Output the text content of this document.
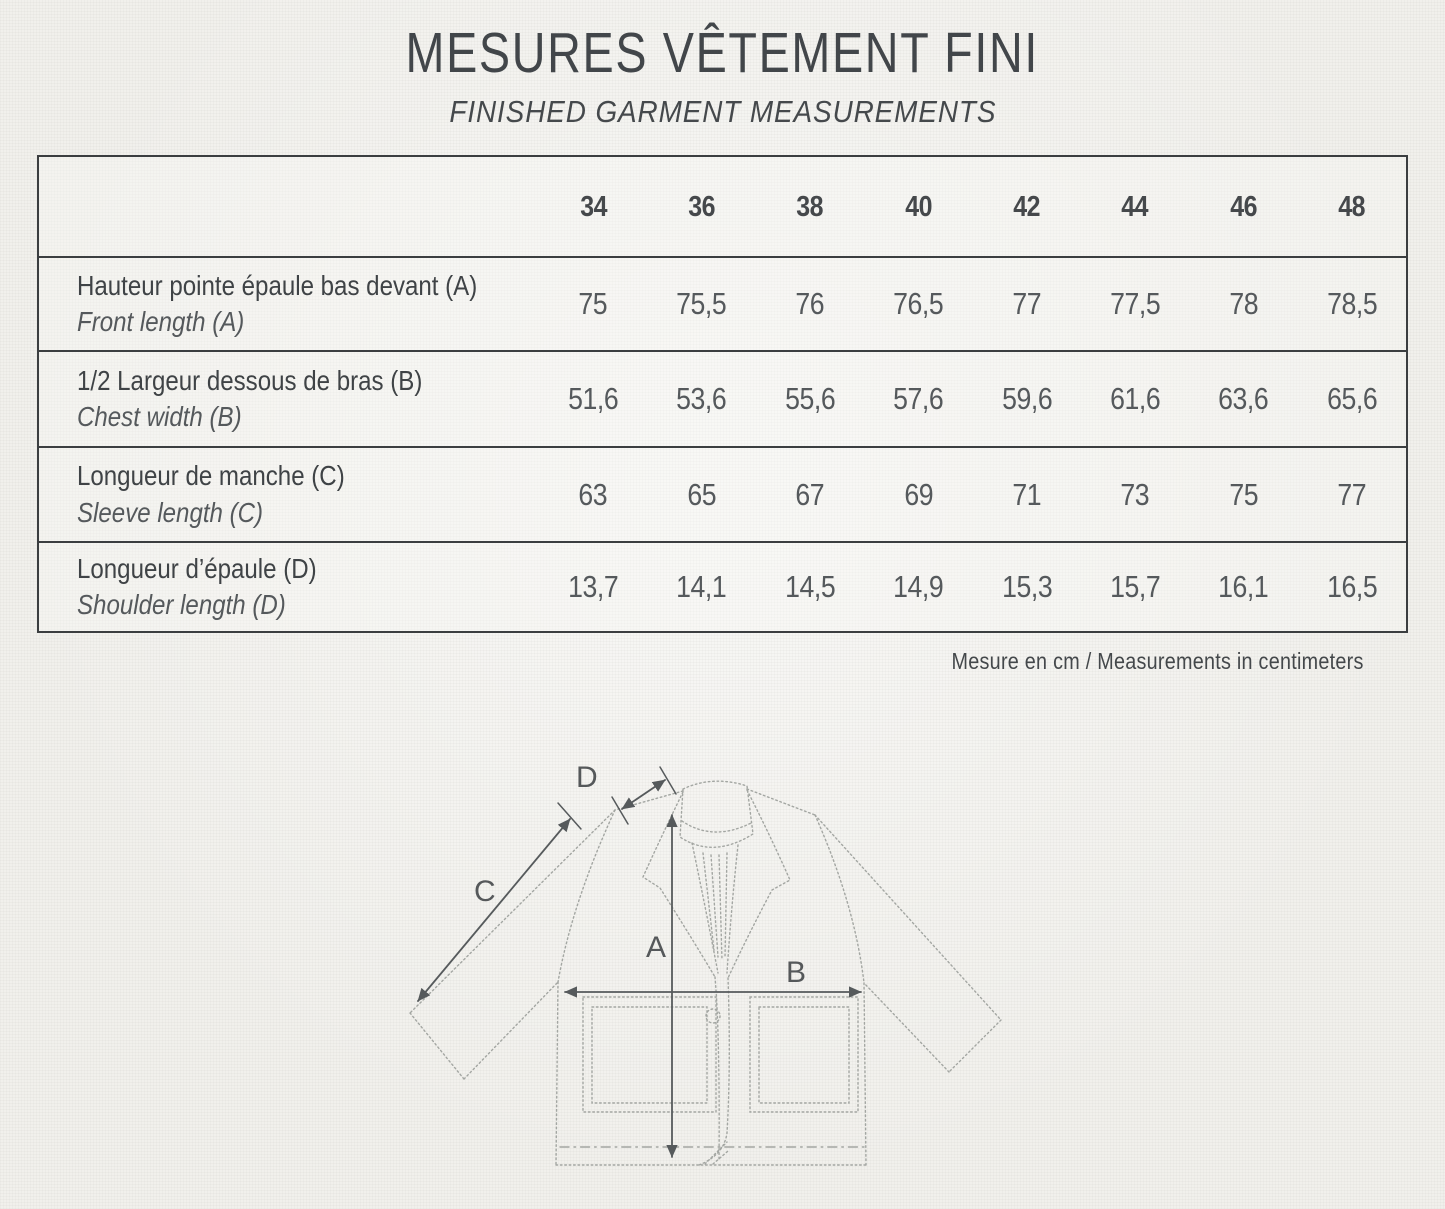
MESURES VÊTEMENT FINI
FINISHED GARMENT MEASUREMENTS
34	36	38	40	42	44	46	48
Hauteur pointe épaule bas devant (A)
Front length (A)
75 75,5 76 76,5 77 77,5 78 78,5
1/2 Largeur dessous de bras (B)
Chest width (B)
51,6 53,6 55,6 57,6 59,6 61,6 63,6 65,6
Longueur de manche (C)
Sleeve length (C)
63	65	67	69	71	73	75	77
Longueur d’épaule (D)
Shoulder length (D)
13,7 14,1 14,5 14,9 15,3 15,7 16,1 16,5
Mesure en cm / Measurements in centimeters
A
B
C
D
